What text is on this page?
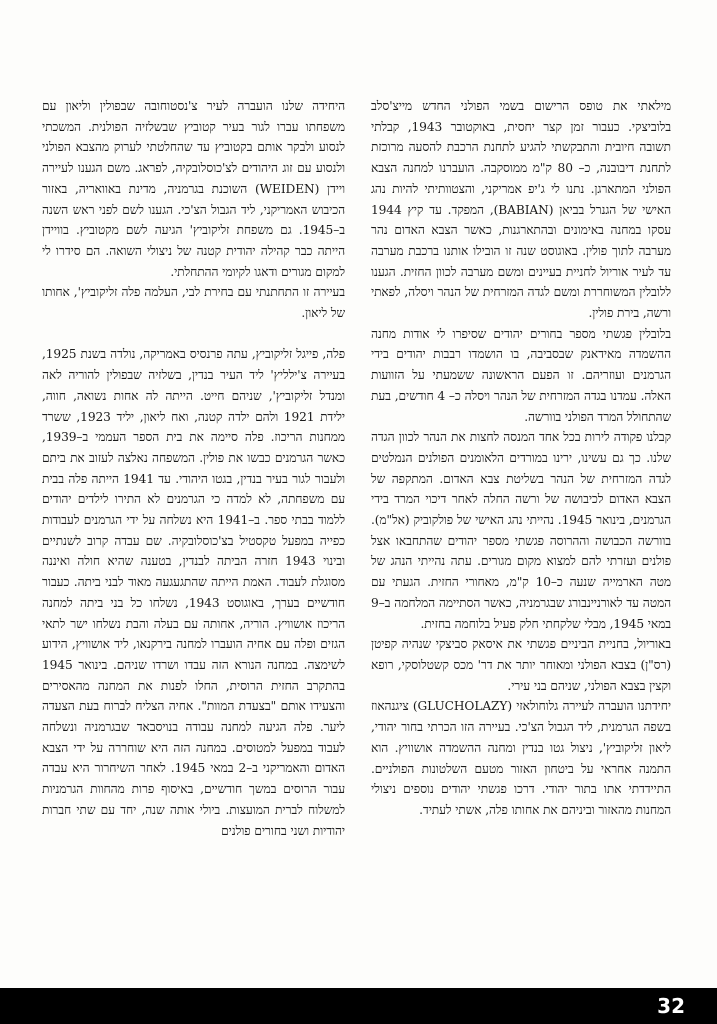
מילאתי את טופס הרישום בשמי הפולני החדש מייצ'סלב בלוביצקי. כעבור זמן קצר יחסית, באוקטובר 1943, קבלתי תשובה חיובית והתבקשתי להגיע לתחנת הרכבת להסעה מרוכזת לתחנת דיבובנה, כ– 80 ק"מ ממוסקבה. הועברנו למחנה הצבא הפולני המתארגן. נתנו לי ג'יפ אמריקני, והצטוותיתי להיות נהג האישי של הגנרל בביאן (BABIAN), המפקד. עד קיץ 1944 עסקו במחנה באימונים ובהתארגנות, כאשר הצבא האדום נהר מערבה לתוך פולין. באוגוסט שנה זו הובילו אותנו ברכבת מערבה עד לעיר אוריול לחניית בעיינים ומשם מערבה לכוון החזית. הגענו ללובלין המשוחררת ומשם לגדה המזרחית של הנהר ויסלה, לפאתי ורשה, בירת פולין.

בלובלין פגשתי מספר בחורים יהודים שסיפרו לי אודות מחנה ההשמדה מאידאנק שבסביבה, בו הושמדו רבבות יהודים בידי הגרמנים ועוזריהם. זו הפעם הראשונה ששמעתי על הזוועות האלה. עמדנו בגדה המזרחית של הנהר ויסלה כ– 4 חודשים, בעת שהתחולל המרד הפולני בוורשה.

קבלנו פקודה לירות בכל אחד המנסה לחצות את הנהר לכוון הגדה שלנו. כך גם עשינו, ירינו במורדים הלאומנים הפולנים הנמלטים לגדה המזרחית של הנהר בשליטת צבא האדום. המתקפה של הצבא האדום לכיבושה של ורשה החלה לאחר דיכוי המרד בידי הגרמנים, בינואר 1945. נהייתי נהג האישי של פולקוביק (אל"מ). בוורשה הכבושה וההרוסה פגשתי מספר יהודים שהתחבאו אצל פולנים ועזרתי להם למצוא מקום מגורים. עתה נהייתי הנהג של מטה הארמייה שנעה כ–10 ק"מ, מאחורי החזית. הגעתי עם המטה עד לאורניינבורג שבגרמניה, כאשר הסתיימה המלחמה ב–9 במאי 1945, מבלי שלקחתי חלק פעיל בלוחמה בחזית.

באוריול, בחניית הביניים פגשתי את איסאק סביצקי שנהיה קפיטן (רס"ן) בצבא הפולני ומאוחר יותר את דר' מכס קשטלוסקי, רופא וקצין בצבא הפולני, שניהם בני עירי.

יחידתנו הועברה לעיירה גלוחולאזי (GLUCHOLAZY) ציגנהאוז בשפה הגרמנית, ליד הגבול הצ'כי. בעיירה הזו הכרתי בחור יהודי, ליאון זליקוביץ', ניצול גטו בנדין ומחנה ההשמדה אושוויץ. הוא התמנה אחראי על ביטחון האזור מטעם השלטונות הפולניים. התיידדתי אתו בתור יהודי. דרכו פגשתי יהודים נוספים ניצולי המחנות מהאזור וביניהם את אחותו פלה, אשתי לעתיד.

היחידה שלנו הועברה לעיר צ'נסטוחובה שבפולין וליאון עם משפחתו עברו לגור בעיר קטוביץ שבשלזיה הפולנית. המשכתי לנסוע ולבקר אותם בקטוביץ עד שהחלטתי לערוק מהצבא הפולני ולנסוע עם זוג היהודים לצ'כוסלובקיה, לפראג. משם הגענו לעיירה ויידן (WEIDEN) השוכנת בגרמניה, מדינת באוואריה, באזור הכיבוש האמריקני, ליד הגבול הצ'כי. הגענו לשם לפני ראש השנה ב–1945. גם משפחת זליקוביץ' הגיעה לשם מקטוביץ. בוויידן הייתה כבר קהילה יהודית קטנה של ניצולי השואה. הם סידרו לי למקום מגורים ודאגו לקיומי ההתחלתי.

בעיירה זו התחתנתי עם בחירת לבי, העלמה פלה זליקוביץ', אחותו של ליאון.

פלה, פייגל זליקוביץ, עתה פרנסיס באמריקה, נולדה בשנת 1925, בעיירה צ'ילליץ' ליד העיר בנדין, בשלזיה שבפולין להוריה לאה ומנדל זליקוביץ', שניהם חייט. הייתה לה אחות נשואה, חווה, ילידת 1921 ולהם ילדה קטנה, ואח ליאון, יליד 1923, ששרד ממחנות הריכוז. פלה סיימה את בית הספר העממי ב–1939, כאשר הגרמנים כבשו את פולין. המשפחה נאלצה לעזוב את ביתם ולעבור לגור בעיר בנדין, בגטו היהודי. עד 1941 הייתה פלה בבית עם משפחתה, לא למדה כי הגרמנים לא התירו לילדים יהודים ללמוד בבתי ספר. ב–1941 היא נשלחה על ידי הגרמנים לעבודות כפייה במפעל טקסטיל בצ'כוסלובקיה. שם עבדה קרוב לשנתיים ובינוי 1943 חזרה הביתה לבנדין, בטענה שהיא חולה ואיננה מסוגלת לעבוד. האמת הייתה שהתגעגעה מאוד לבני ביתה. כעבור חודשיים בערך, באוגוסט 1943, נשלחו כל בני ביתה למחנה הריכוז אושוויץ. הוריה, אחותה עם בעלה והבת נשלחו ישר לתאי הגזים ופלה עם אחיה הועברו למחנה בירקנאו, ליד אושוויץ, הידוע לשימצה. במחנה הנורא הזה עבדו ושרדו שניהם. בינואר 1945 בהתקרב החזית הרוסית, החלו לפנות את המחנה מהאסירים והצעידו אותם "בצעדת המוות". אחיה הצליח לברוח בעת הצעדה ליער. פלה הגיעה למחנה עבודה בנויסבאד שבגרמניה ונשלחה לעבוד במפעל למטוסים. במחנה הזה היא שוחררה על ידי הצבא האדום והאמריקני ב–2 במאי 1945. לאחר השיחרור היא עבדה עבור הרוסים במשך חודשיים, באיסוף פרות מהחוות הגרמניות למשלוח לברית המועצות. ביולי אותה שנה, יחד עם שתי חברות יהודיות ושני בחורים פולנים

32
